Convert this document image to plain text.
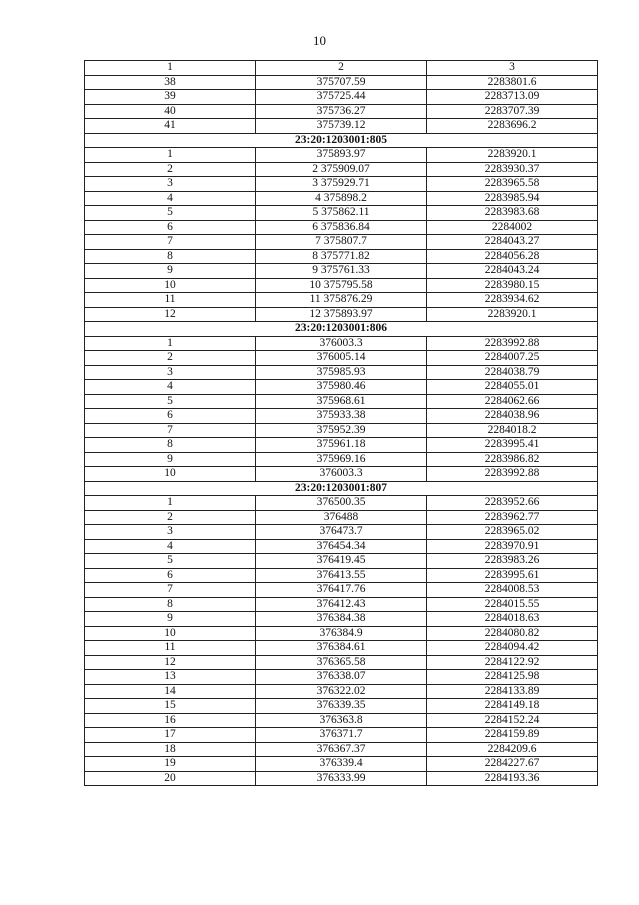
10
1	2	3
38	375707.59	2283801.6
39	375725.44	2283713.09
40	375736.27	2283707.39
41	375739.12	2283696.2
23:20:1203001:805		
1	375893.97	2283920.1
2	2 375909.07	2283930.37
3	3 375929.71	2283965.58
4	4 375898.2	2283985.94
5	5 375862.11	2283983.68
6	6 375836.84	2284002
7	7 375807.7	2284043.27
8	8 375771.82	2284056.28
9	9 375761.33	2284043.24
10	10 375795.58	2283980.15
11	11 375876.29	2283934.62
12	12 375893.97	2283920.1
23:20:1203001:806		
1	376003.3	2283992.88
2	376005.14	2284007.25
3	375985.93	2284038.79
4	375980.46	2284055.01
5	375968.61	2284062.66
6	375933.38	2284038.96
7	375952.39	2284018.2
8	375961.18	2283995.41
9	375969.16	2283986.82
10	376003.3	2283992.88
23:20:1203001:807		
1	376500.35	2283952.66
2	376488	2283962.77
3	376473.7	2283965.02
4	376454.34	2283970.91
5	376419.45	2283983.26
6	376413.55	2283995.61
7	376417.76	2284008.53
8	376412.43	2284015.55
9	376384.38	2284018.63
10	376384.9	2284080.82
11	376384.61	2284094.42
12	376365.58	2284122.92
13	376338.07	2284125.98
14	376322.02	2284133.89
15	376339.35	2284149.18
16	376363.8	2284152.24
17	376371.7	2284159.89
18	376367.37	2284209.6
19	376339.4	2284227.67
20	376333.99	2284193.36
